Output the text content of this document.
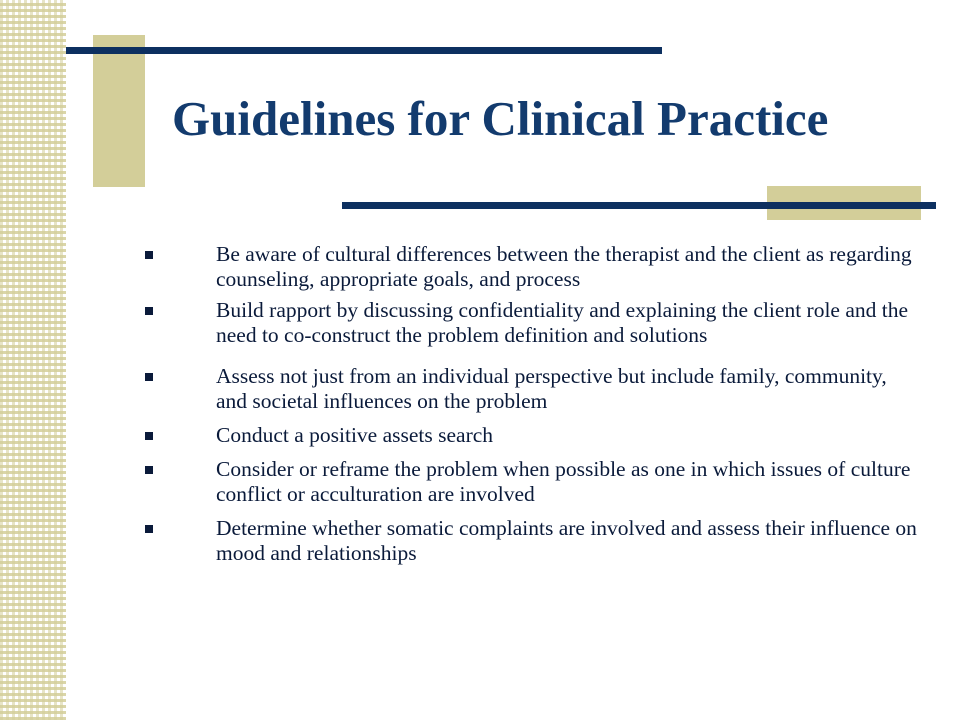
Guidelines for Clinical Practice
Be aware of cultural differences between the therapist and the client as regarding counseling, appropriate goals, and process
Build rapport by discussing confidentiality and explaining the client role and the need to co-construct the problem definition and solutions
Assess not just from an individual perspective but include family, community, and societal influences on the problem
Conduct a positive assets search
Consider or reframe the problem when possible as one in which issues of culture conflict or acculturation are involved
Determine whether somatic complaints are involved and assess their influence on mood and relationships
